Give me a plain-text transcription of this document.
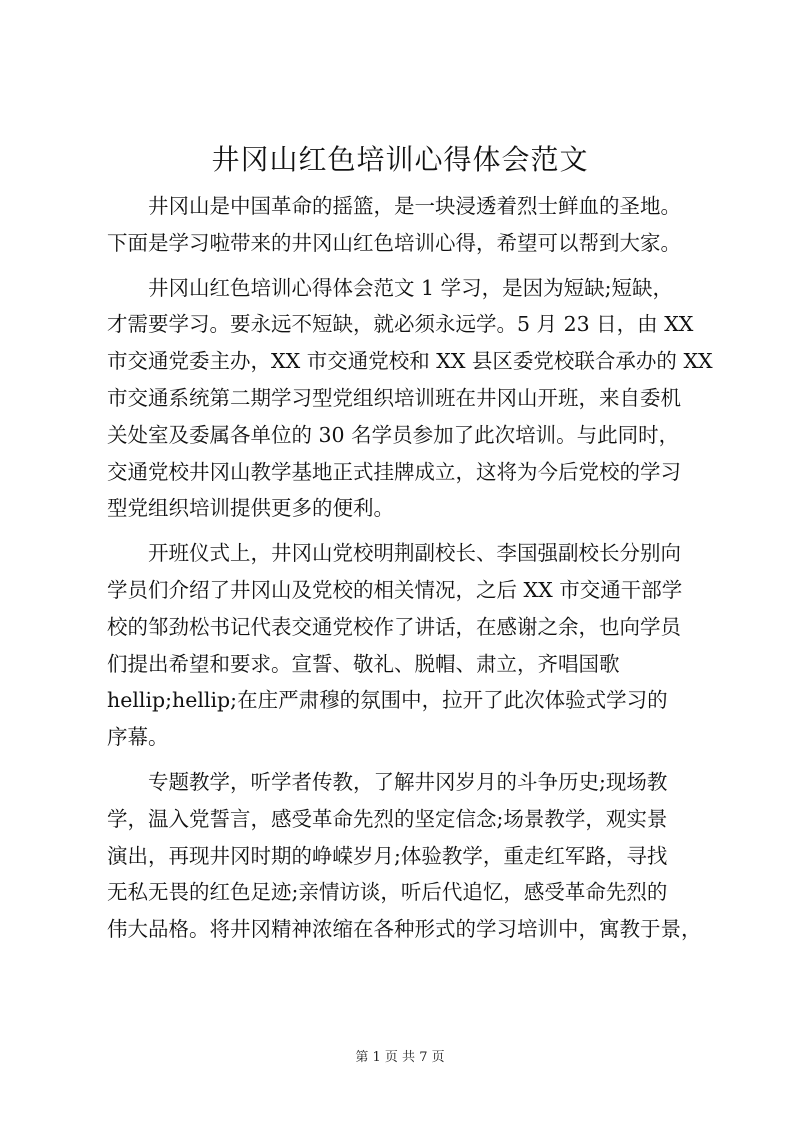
井冈山红色培训心得体会范文
井冈山是中国革命的摇篮，是一块浸透着烈士鲜血的圣地。
下面是学习啦带来的井冈山红色培训心得，希望可以帮到大家。
井冈山红色培训心得体会范文 1 学习，是因为短缺;短缺，
才需要学习。要永远不短缺，就必须永远学。5 月 23 日，由 XX
市交通党委主办，XX 市交通党校和 XX 县区委党校联合承办的 XX
市交通系统第二期学习型党组织培训班在井冈山开班，来自委机
关处室及委属各单位的 30 名学员参加了此次培训。与此同时，
交通党校井冈山教学基地正式挂牌成立，这将为今后党校的学习
型党组织培训提供更多的便利。
开班仪式上，井冈山党校明荆副校长、李国强副校长分别向
学员们介绍了井冈山及党校的相关情况，之后 XX 市交通干部学
校的邹劲松书记代表交通党校作了讲话，在感谢之余，也向学员
们提出希望和要求。宣誓、敬礼、脱帽、肃立，齐唱国歌
hellip;hellip;在庄严肃穆的氛围中，拉开了此次体验式学习的
序幕。
专题教学，听学者传教，了解井冈岁月的斗争历史;现场教
学，温入党誓言，感受革命先烈的坚定信念;场景教学，观实景
演出，再现井冈时期的峥嵘岁月;体验教学，重走红军路，寻找
无私无畏的红色足迹;亲情访谈，听后代追忆，感受革命先烈的
伟大品格。将井冈精神浓缩在各种形式的学习培训中，寓教于景，
第 1 页 共 7 页
